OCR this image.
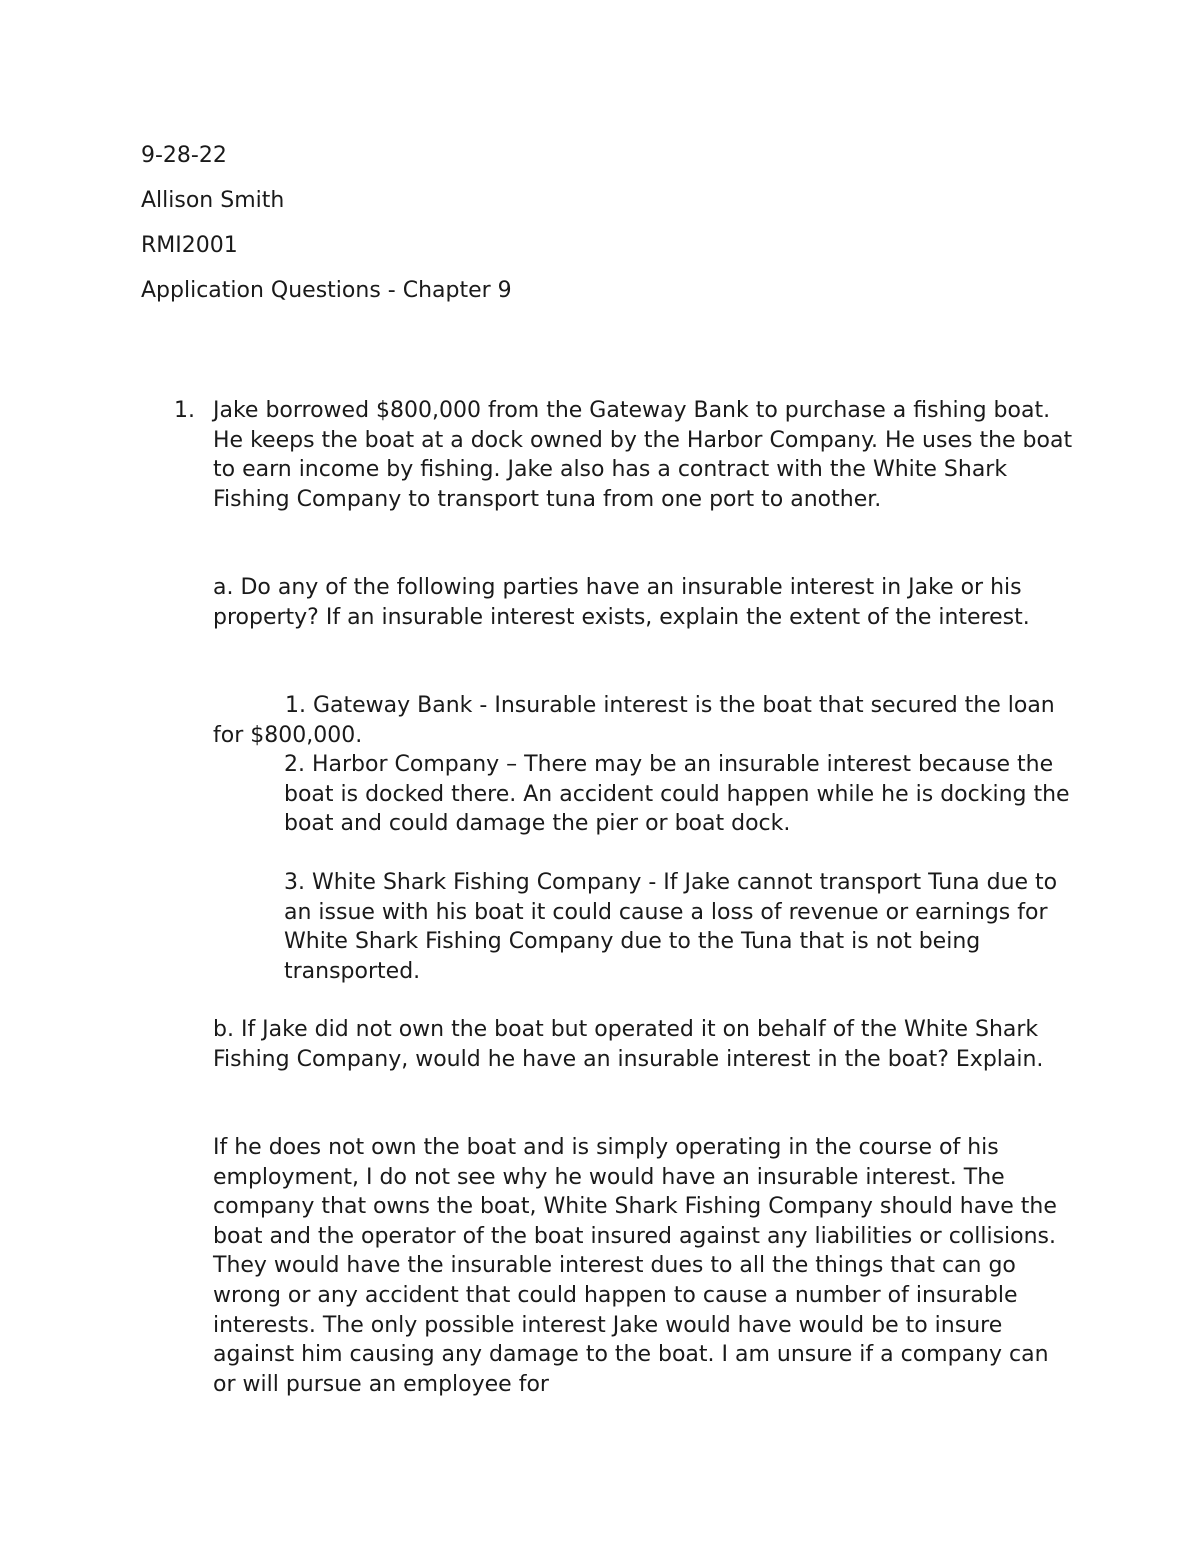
9-28-22
Allison Smith
RMI2001
Application Questions - Chapter 9
1. Jake borrowed $800,000 from the Gateway Bank to purchase a fishing boat. He keeps the boat at a dock owned by the Harbor Company. He uses the boat to earn income by fishing. Jake also has a contract with the White Shark Fishing Company to transport tuna from one port to another.
a. Do any of the following parties have an insurable interest in Jake or his property? If an insurable interest exists, explain the extent of the interest.
1. Gateway Bank - Insurable interest is the boat that secured the loan for $800,000.
2. Harbor Company – There may be an insurable interest because the boat is docked there. An accident could happen while he is docking the boat and could damage the pier or boat dock.
3. White Shark Fishing Company - If Jake cannot transport Tuna due to an issue with his boat it could cause a loss of revenue or earnings for White Shark Fishing Company due to the Tuna that is not being transported.
b. If Jake did not own the boat but operated it on behalf of the White Shark Fishing Company, would he have an insurable interest in the boat? Explain.
If he does not own the boat and is simply operating in the course of his employment, I do not see why he would have an insurable interest. The company that owns the boat, White Shark Fishing Company should have the boat and the operator of the boat insured against any liabilities or collisions. They would have the insurable interest dues to all the things that can go wrong or any accident that could happen to cause a number of insurable interests. The only possible interest Jake would have would be to insure against him causing any damage to the boat. I am unsure if a company can or will pursue an employee for
